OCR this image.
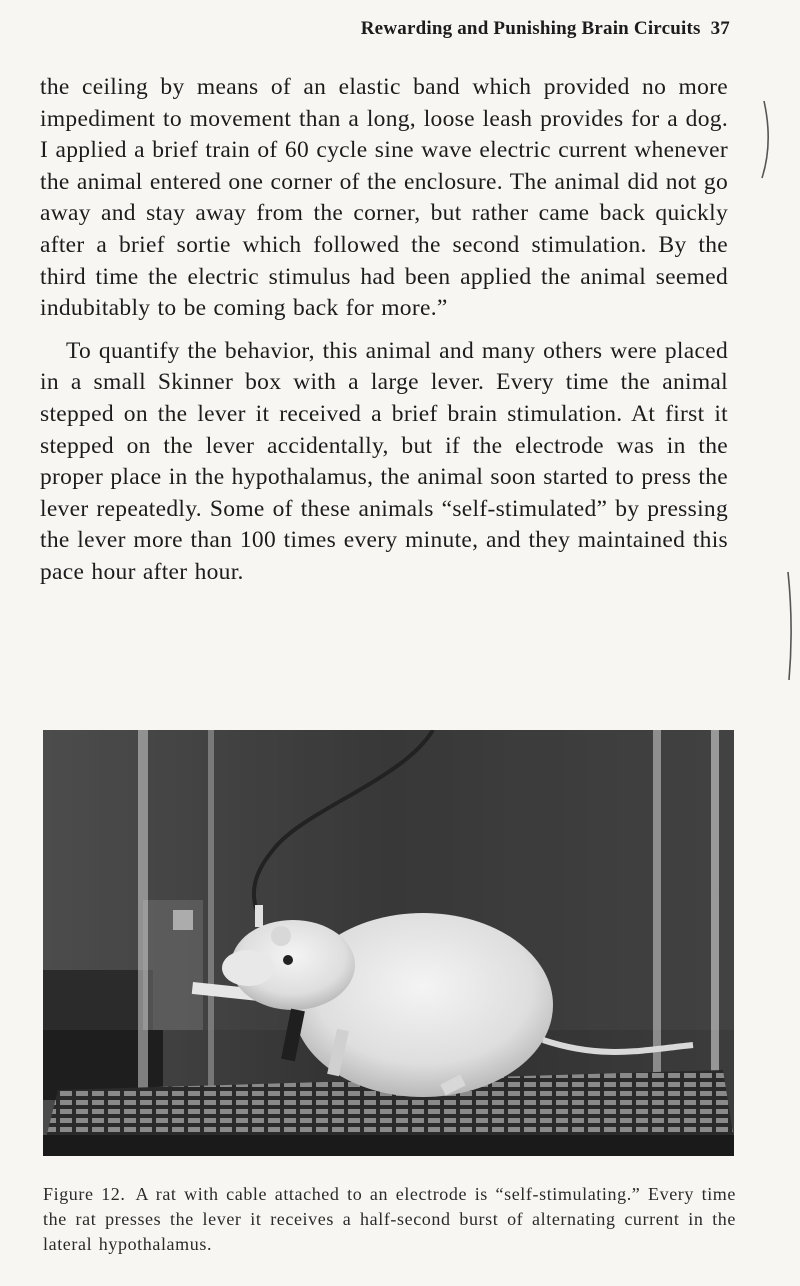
Rewarding and Punishing Brain Circuits 37

the ceiling by means of an elastic band which provided no more impediment to movement than a long, loose leash provides for a dog. I applied a brief train of 60 cycle sine wave electric current whenever the animal entered one corner of the enclosure. The animal did not go away and stay away from the corner, but rather came back quickly after a brief sortie which followed the second stimulation. By the third time the electric stimulus had been applied the animal seemed indubitably to be coming back for more.”

To quantify the behavior, this animal and many others were placed in a small Skinner box with a large lever. Every time the animal stepped on the lever it received a brief brain stimulation. At first it stepped on the lever accidentally, but if the electrode was in the proper place in the hypothalamus, the animal soon started to press the lever repeatedly. Some of these animals “self-stimulated” by pressing the lever more than 100 times every minute, and they maintained this pace hour after hour.

Figure 12. A rat with cable attached to an electrode is “self-stimulating.” Every time the rat presses the lever it receives a half-second burst of alternating current in the lateral hypothalamus.
